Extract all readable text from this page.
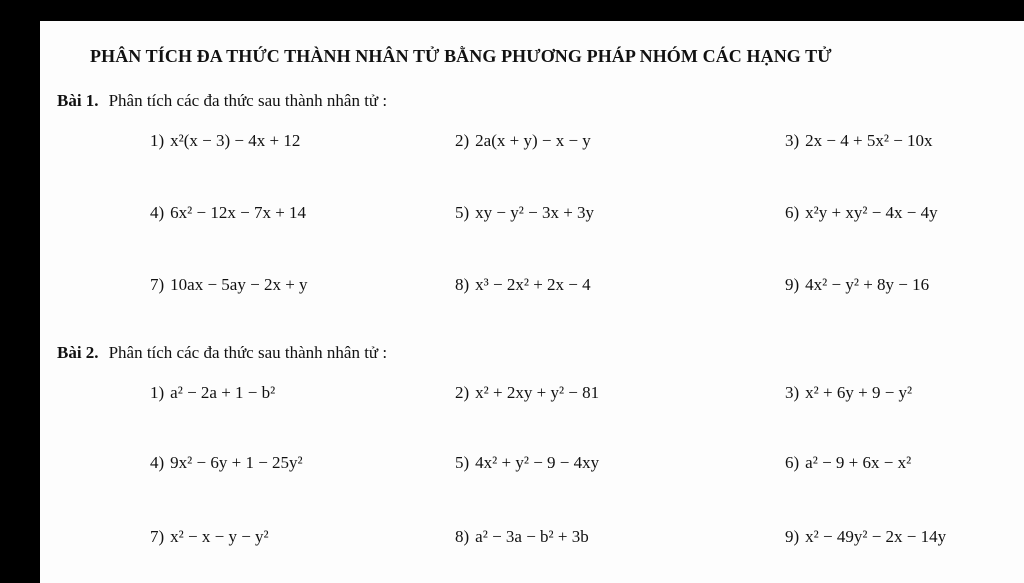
PHÂN TÍCH ĐA THỨC THÀNH NHÂN TỬ BẰNG PHƯƠNG PHÁP NHÓM CÁC HẠNG TỬ
Bài 1. Phân tích các đa thức sau thành nhân tử :
1) x²(x − 3) − 4x + 12	2) 2a(x + y) − x − y	3) 2x − 4 + 5x² − 10x
4) 6x² − 12x − 7x + 14	5) xy − y² − 3x + 3y	6) x²y + xy² − 4x − 4y
7) 10ax − 5ay − 2x + y	8) x³ − 2x² + 2x − 4	9) 4x² − y² + 8y − 16
Bài 2. Phân tích các đa thức sau thành nhân tử :
1) a² − 2a + 1 − b²	2) x² + 2xy + y² − 81	3) x² + 6y + 9 − y²
4) 9x² − 6y + 1 − 25y²	5) 4x² + y² − 9 − 4xy	6) a² − 9 + 6x − x²
7) x² − x − y − y²	8) a² − 3a − b² + 3b	9) x² − 49y² − 2x − 14y
